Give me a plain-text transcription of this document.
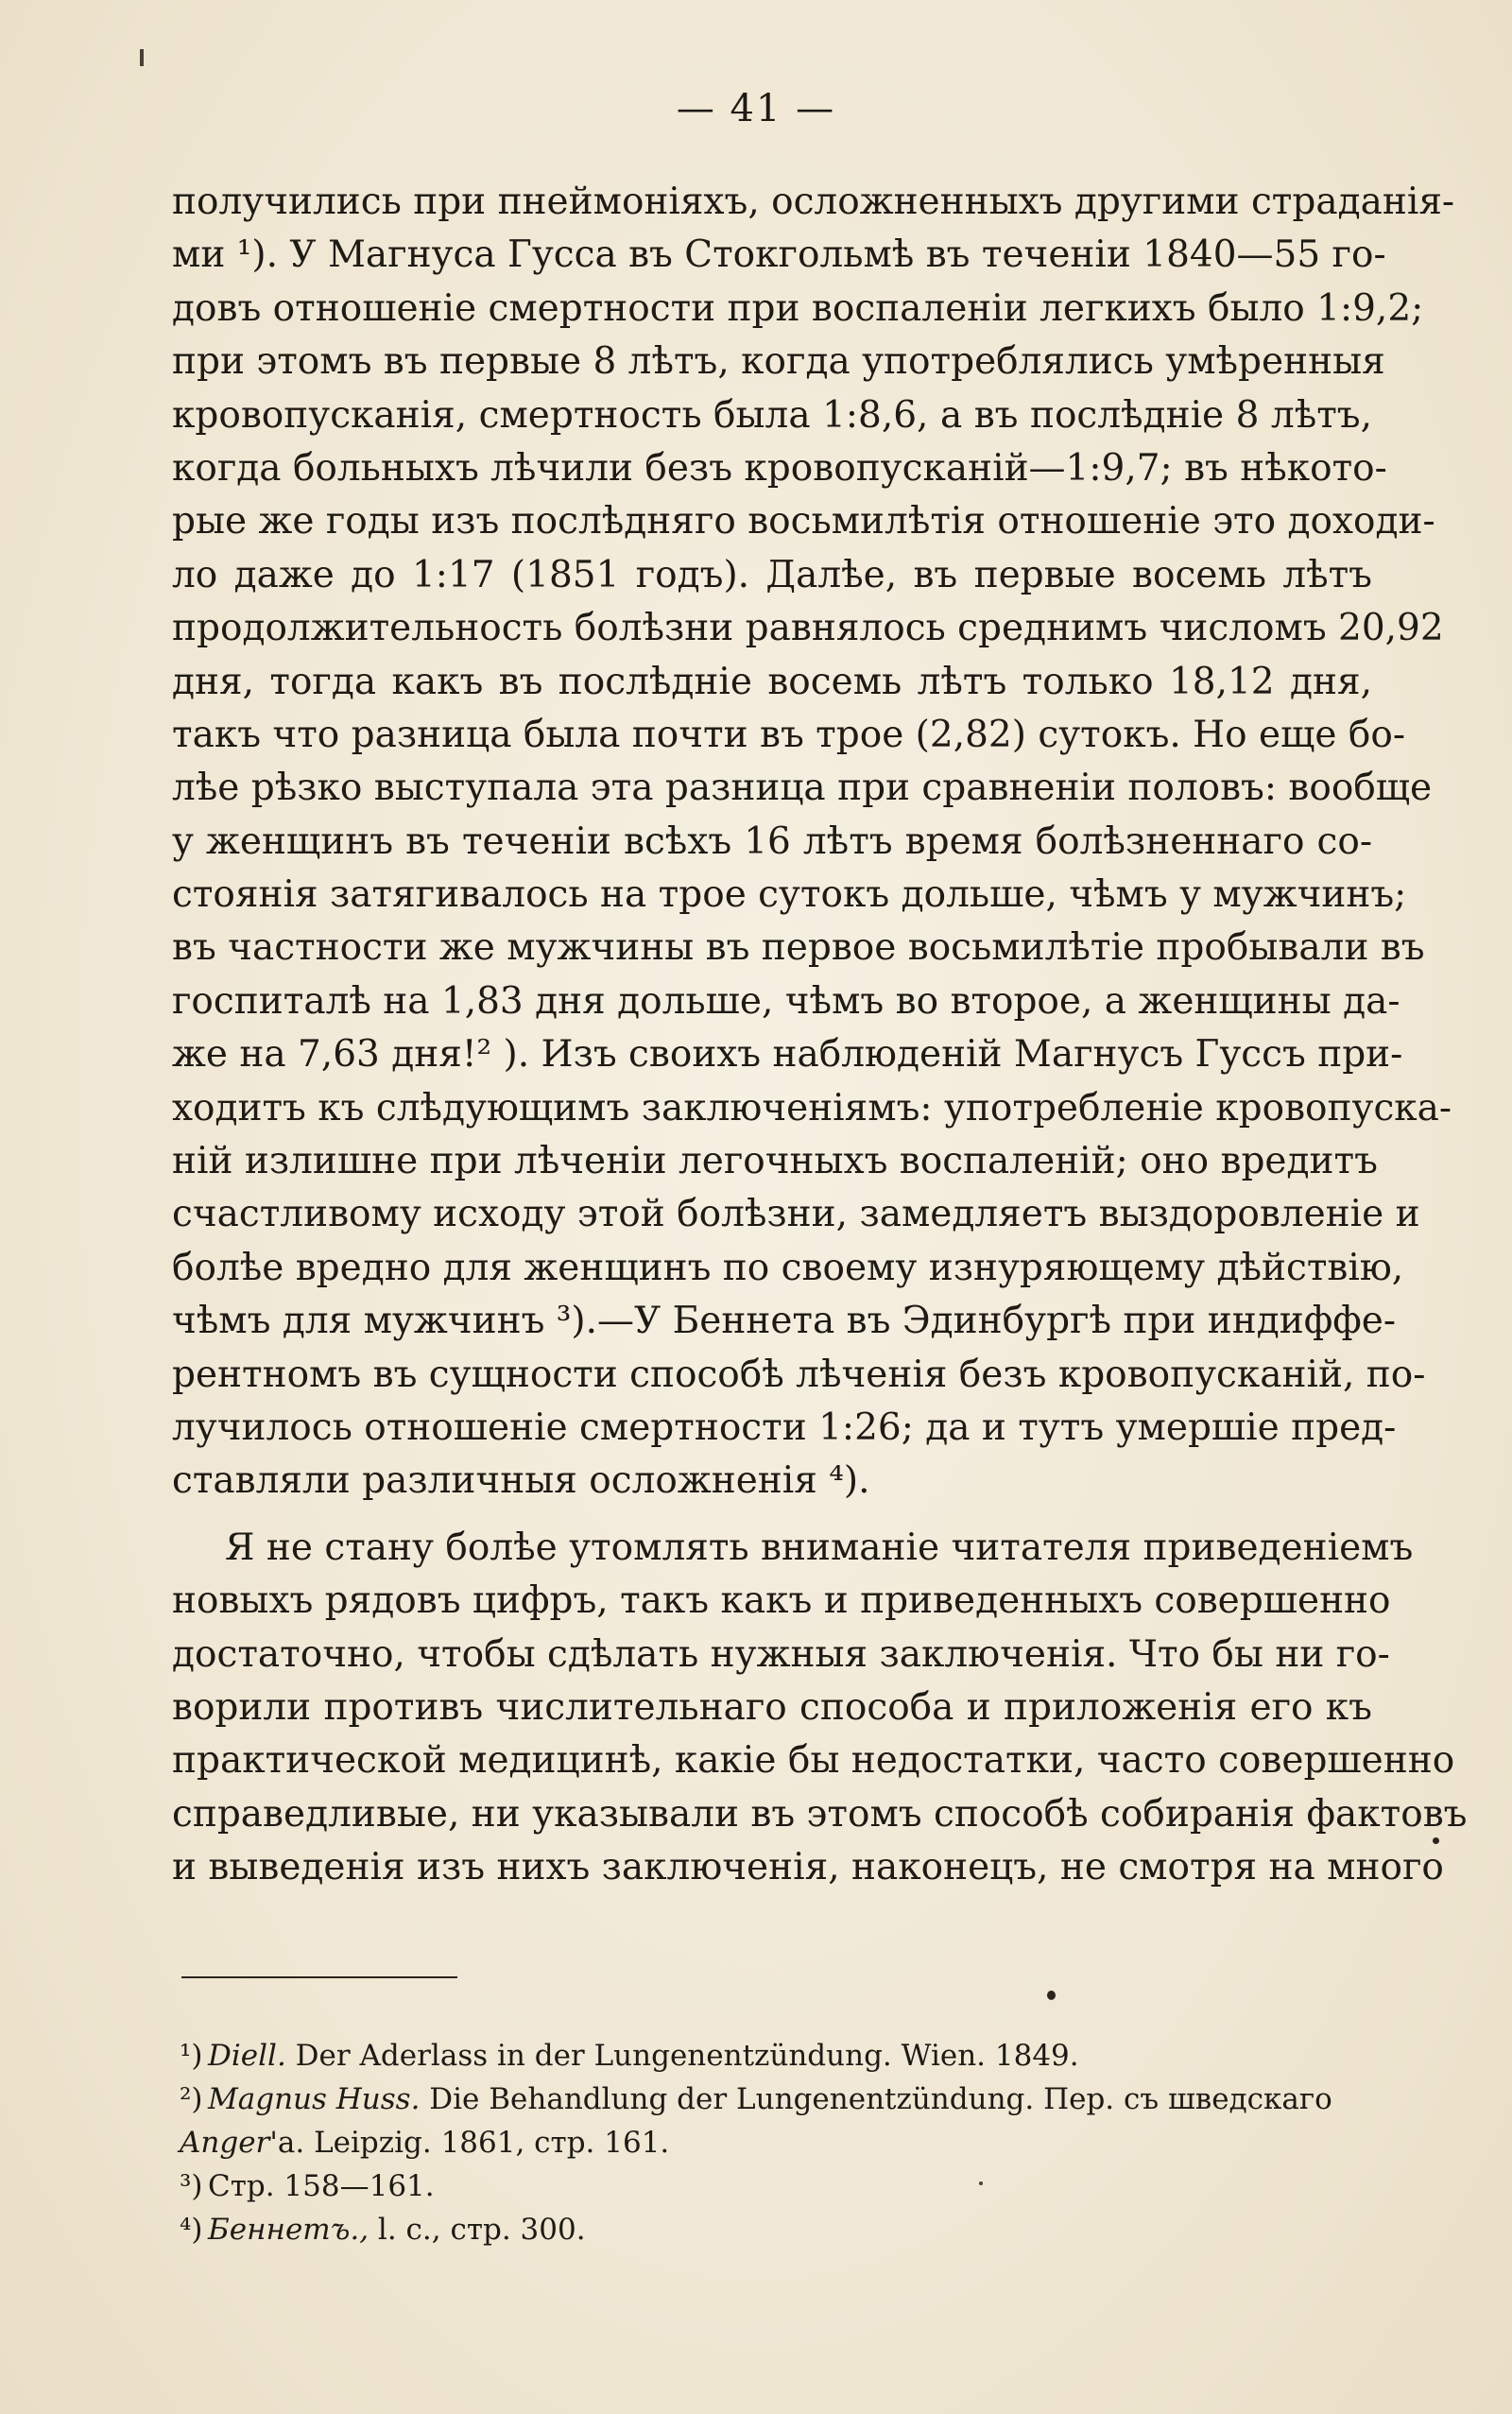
— 41 —
получились при пнеймоніяхъ, осложненныхъ другими страданія-
ми ¹). У Магнуса Гусса въ Стокгольмѣ въ теченіи 1840—55 го-
довъ отношеніе смертности при воспаленіи легкихъ было 1:9,2;
при этомъ въ первые 8 лѣтъ, когда употреблялись умѣренныя
кровопусканія, смертность была 1:8,6, а въ послѣдніе 8 лѣтъ,
когда больныхъ лѣчили безъ кровопусканій—1:9,7; въ нѣкото-
рые же годы изъ послѣдняго восьмилѣтія отношеніе это доходи-
ло даже до 1:17 (1851 годъ). Далѣе, въ первые восемь лѣтъ
продолжительность болѣзни равнялось среднимъ числомъ 20,92
дня, тогда какъ въ послѣдніе восемь лѣтъ только 18,12 дня,
такъ что разница была почти въ трое (2,82) сутокъ. Но еще бо-
лѣе рѣзко выступала эта разница при сравненіи половъ: вообще
у женщинъ въ теченіи всѣхъ 16 лѣтъ время болѣзненнаго со-
стоянія затягивалось на трое сутокъ дольше, чѣмъ у мужчинъ;
въ частности же мужчины въ первое восьмилѣтіе пробывали въ
госпиталѣ на 1,83 дня дольше, чѣмъ во второе, а женщины да-
же на 7,63 дня!² ). Изъ своихъ наблюденій Магнусъ Гуссъ при-
ходитъ къ слѣдующимъ заключеніямъ: употребленіе кровопуска-
ній излишне при лѣченіи легочныхъ воспаленій; оно вредитъ
счастливому исходу этой болѣзни, замедляетъ выздоровленіе и
болѣе вредно для женщинъ по своему изнуряющему дѣйствію,
чѣмъ для мужчинъ ³).—У Беннета въ Эдинбургѣ при индиффе-
рентномъ въ сущности способѣ лѣченія безъ кровопусканій, по-
лучилось отношеніе смертности 1:26; да и тутъ умершіе пред-
ставляли различныя осложненія ⁴).
Я не стану болѣе утомлять вниманіе читателя приведеніемъ
новыхъ рядовъ цифръ, такъ какъ и приведенныхъ совершенно
достаточно, чтобы сдѣлать нужныя заключенія. Что бы ни го-
ворили противъ числительнаго способа и приложенія его къ
практической медицинѣ, какіе бы недостатки, часто совершенно
справедливые, ни указывали въ этомъ способѣ собиранія фактовъ
и выведенія изъ нихъ заключенія, наконецъ, не смотря на много
¹) Diell. Der Aderlass in der Lungenentzündung. Wien. 1849.
²) Magnus Huss. Die Behandlung der Lungenentzündung. Пер. съ шведскаго
Anger'a. Leipzig. 1861, стр. 161.
³) Стр. 158—161.
⁴) Беннетъ., l. c., стр. 300.
